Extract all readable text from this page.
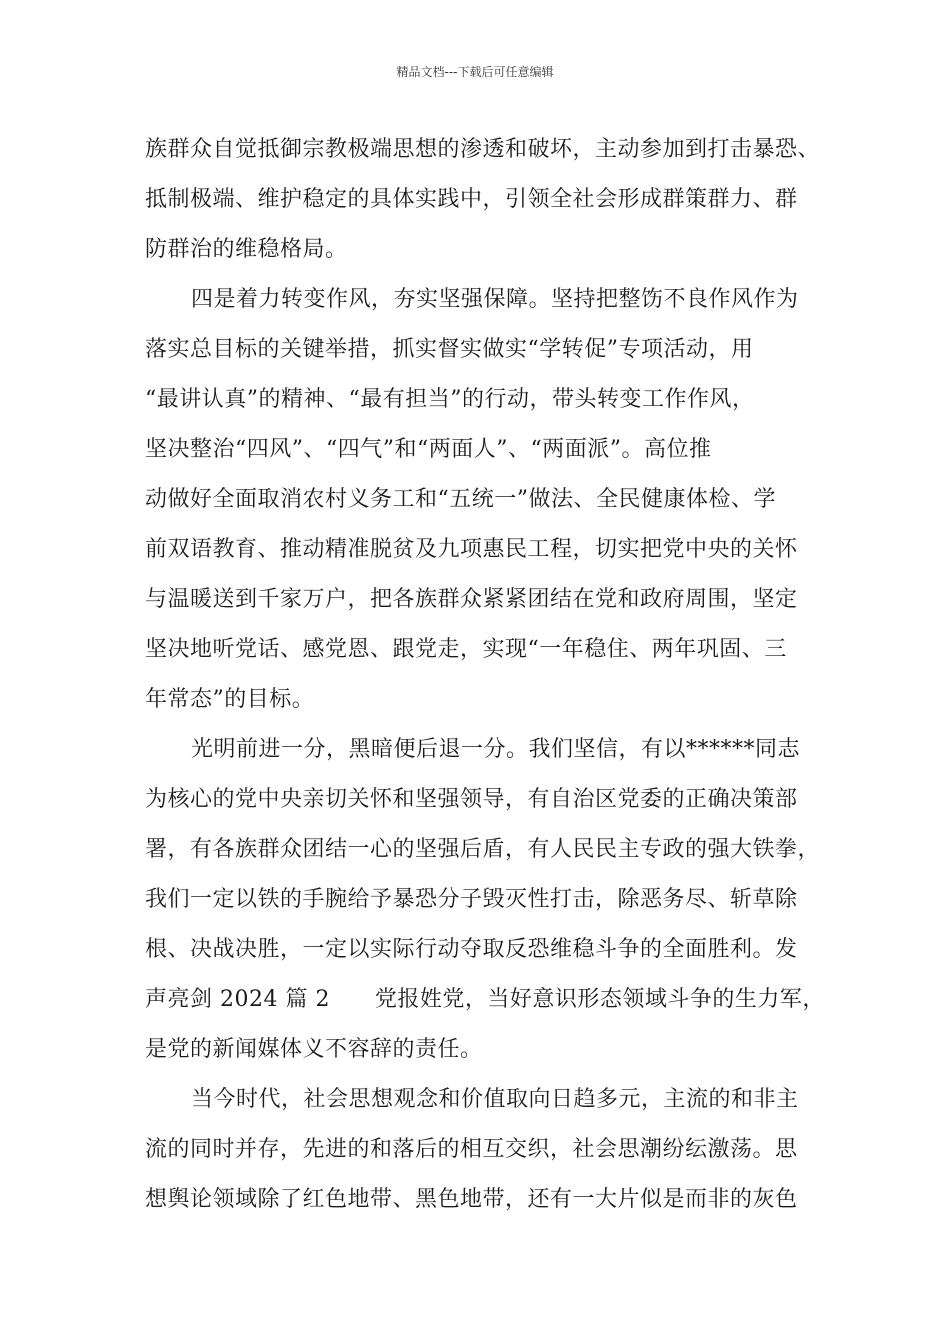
精品文档---下载后可任意编辑
族群众自觉抵御宗教极端思想的渗透和破坏，主动参加到打击暴恐、
抵制极端、维护稳定的具体实践中，引领全社会形成群策群力、群
防群治的维稳格局。
四是着力转变作风，夯实坚强保障。坚持把整饬不良作风作为
落实总目标的关键举措，抓实督实做实“学转促”专项活动，用
“最讲认真”的精神、“最有担当”的行动，带头转变工作作风，
坚决整治“四风”、“四气”和“两面人”、“两面派”。高位推
动做好全面取消农村义务工和“五统一”做法、全民健康体检、学
前双语教育、推动精准脱贫及九项惠民工程，切实把党中央的关怀
与温暖送到千家万户，把各族群众紧紧团结在党和政府周围，坚定
坚决地听党话、感党恩、跟党走，实现“一年稳住、两年巩固、三
年常态”的目标。
光明前进一分，黑暗便后退一分。我们坚信，有以******同志
为核心的党中央亲切关怀和坚强领导，有自治区党委的正确决策部
署，有各族群众团结一心的坚强后盾，有人民民主专政的强大铁拳，
我们一定以铁的手腕给予暴恐分子毁灭性打击，除恶务尽、斩草除
根、决战决胜，一定以实际行动夺取反恐维稳斗争的全面胜利。发
声亮剑 2024 篇 2      党报姓党，当好意识形态领域斗争的生力军，
是党的新闻媒体义不容辞的责任。
当今时代，社会思想观念和价值取向日趋多元，主流的和非主
流的同时并存，先进的和落后的相互交织，社会思潮纷纭激荡。思
想舆论领域除了红色地带、黑色地带，还有一大片似是而非的灰色
